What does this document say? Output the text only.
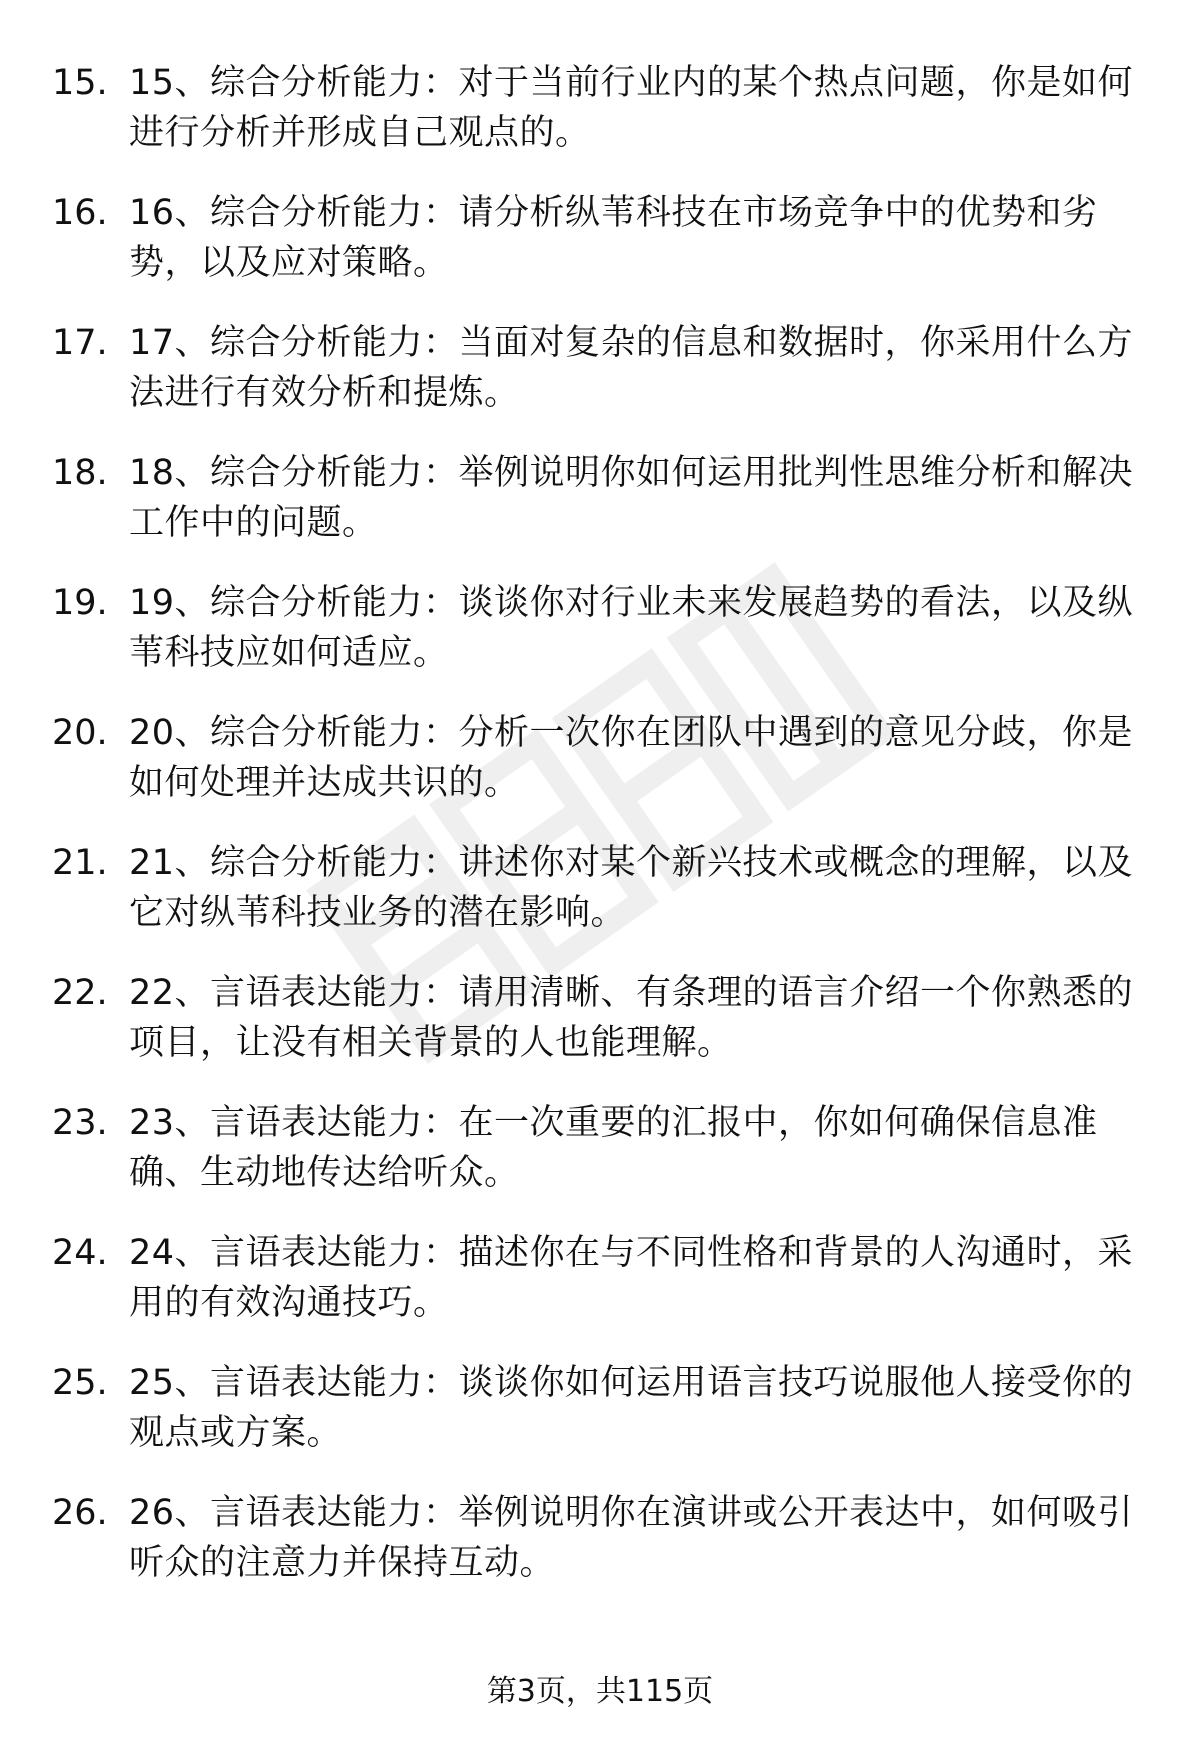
15. 15、综合分析能力：对于当前行业内的某个热点问题，你是如何进行分析并形成自己观点的。
16. 16、综合分析能力：请分析纵苇科技在市场竞争中的优势和劣势，以及应对策略。
17. 17、综合分析能力：当面对复杂的信息和数据时，你采用什么方法进行有效分析和提炼。
18. 18、综合分析能力：举例说明你如何运用批判性思维分析和解决工作中的问题。
19. 19、综合分析能力：谈谈你对行业未来发展趋势的看法，以及纵苇科技应如何适应。
20. 20、综合分析能力：分析一次你在团队中遇到的意见分歧，你是如何处理并达成共识的。
21. 21、综合分析能力：讲述你对某个新兴技术或概念的理解，以及它对纵苇科技业务的潜在影响。
22. 22、言语表达能力：请用清晰、有条理的语言介绍一个你熟悉的项目，让没有相关背景的人也能理解。
23. 23、言语表达能力：在一次重要的汇报中，你如何确保信息准确、生动地传达给听众。
24. 24、言语表达能力：描述你在与不同性格和背景的人沟通时，采用的有效沟通技巧。
25. 25、言语表达能力：谈谈你如何运用语言技巧说服他人接受你的观点或方案。
26. 26、言语表达能力：举例说明你在演讲或公开表达中，如何吸引听众的注意力并保持互动。
第3页，共115页
